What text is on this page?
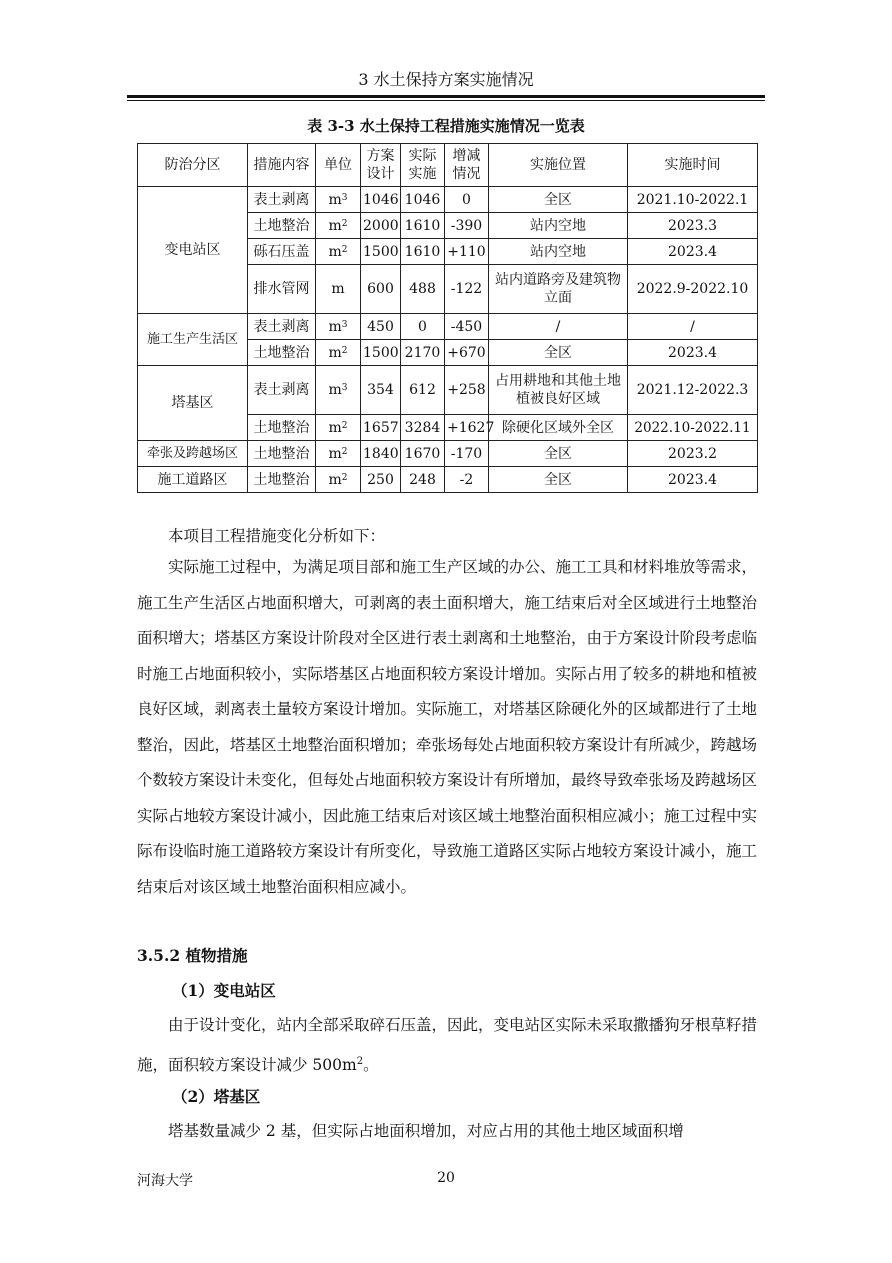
3 水土保持方案实施情况
表 3-3 水土保持工程措施实施情况一览表
防治分区	措施内容	单位	方案设计	实际实施	增减情况	实施位置	实施时间
变电站区	表土剥离	$m^3$	1046	1046	0	全区	2021.10-2022.1
	土地整治	$m^2$	2000	1610	-390	站内空地	2023.3
	砾石压盖	$m^2$	1500	1610	+110	站内空地	2023.4
	排水管网	m	600	488	-122	站内道路旁及建筑物立面	2022.9-2022.10
施工生产生活区	表土剥离	$m^3$	450	0	-450	/	/
	土地整治	$m^2$	1500	2170	+670	全区	2023.4
塔基区	表土剥离	$m^3$	354	612	+258	占用耕地和其他土地植被良好区域	2021.12-2022.3
	土地整治	$m^2$	1657	3284	+1627	除硬化区域外全区	2022.10-2022.11
牵张及跨越场区	土地整治	$m^2$	1840	1670	-170	全区	2023.2
施工道路区	土地整治	$m^2$	250	248	-2	全区	2023.4

本项目工程措施变化分析如下：

实际施工过程中，为满足项目部和施工生产区域的办公、施工工具和材料堆放等需求，施工生产生活区占地面积增大，可剥离的表土面积增大，施工结束后对全区域进行土地整治面积增大；塔基区方案设计阶段对全区进行表土剥离和土地整治，由于方案设计阶段考虑临时施工占地面积较小，实际塔基区占地面积较方案设计增加。实际占用了较多的耕地和植被良好区域，剥离表土量较方案设计增加。实际施工，对塔基区除硬化外的区域都进行了土地整治，因此，塔基区土地整治面积增加；牵张场每处占地面积较方案设计有所减少，跨越场个数较方案设计未变化，但每处占地面积较方案设计有所增加，最终导致牵张场及跨越场区实际占地较方案设计减小，因此施工结束后对该区域土地整治面积相应减小；施工过程中实际布设临时施工道路较方案设计有所变化，导致施工道路区实际占地较方案设计减小，施工结束后对该区域土地整治面积相应减小。

3.5.2 植物措施
（1）变电站区

由于设计变化，站内全部采取碎石压盖，因此，变电站区实际未采取撒播狗牙根草籽措施，面积较方案设计减少 $500m^2$。

（2）塔基区

塔基数量减少 2 基，但实际占地面积增加，对应占用的其他土地区域面积增

河海大学	20
